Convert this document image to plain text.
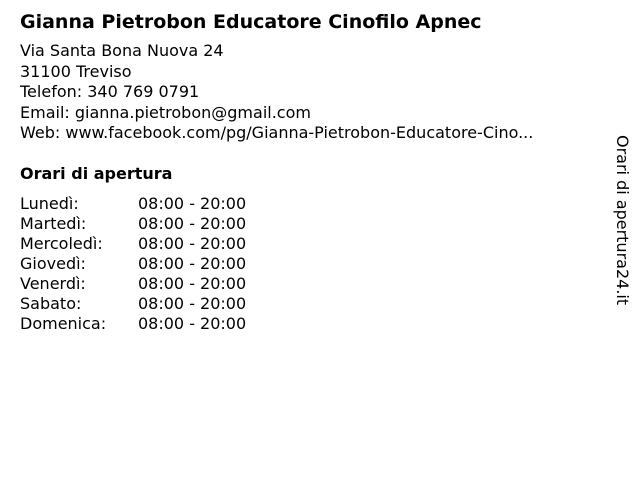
Gianna Pietrobon Educatore Cinofilo Apnec
Via Santa Bona Nuova 24
31100 Treviso
Telefon: 340 769 0791
Email: gianna.pietrobon@gmail.com
Web: www.facebook.com/pg/Gianna-Pietrobon-Educatore-Cino...
Orari di apertura
Lunedì:	08:00 - 20:00
Martedì:	08:00 - 20:00
Mercoledì:	08:00 - 20:00
Giovedì:	08:00 - 20:00
Venerdì:	08:00 - 20:00
Sabato:	08:00 - 20:00
Domenica:	08:00 - 20:00
Orari di apertura24.it
